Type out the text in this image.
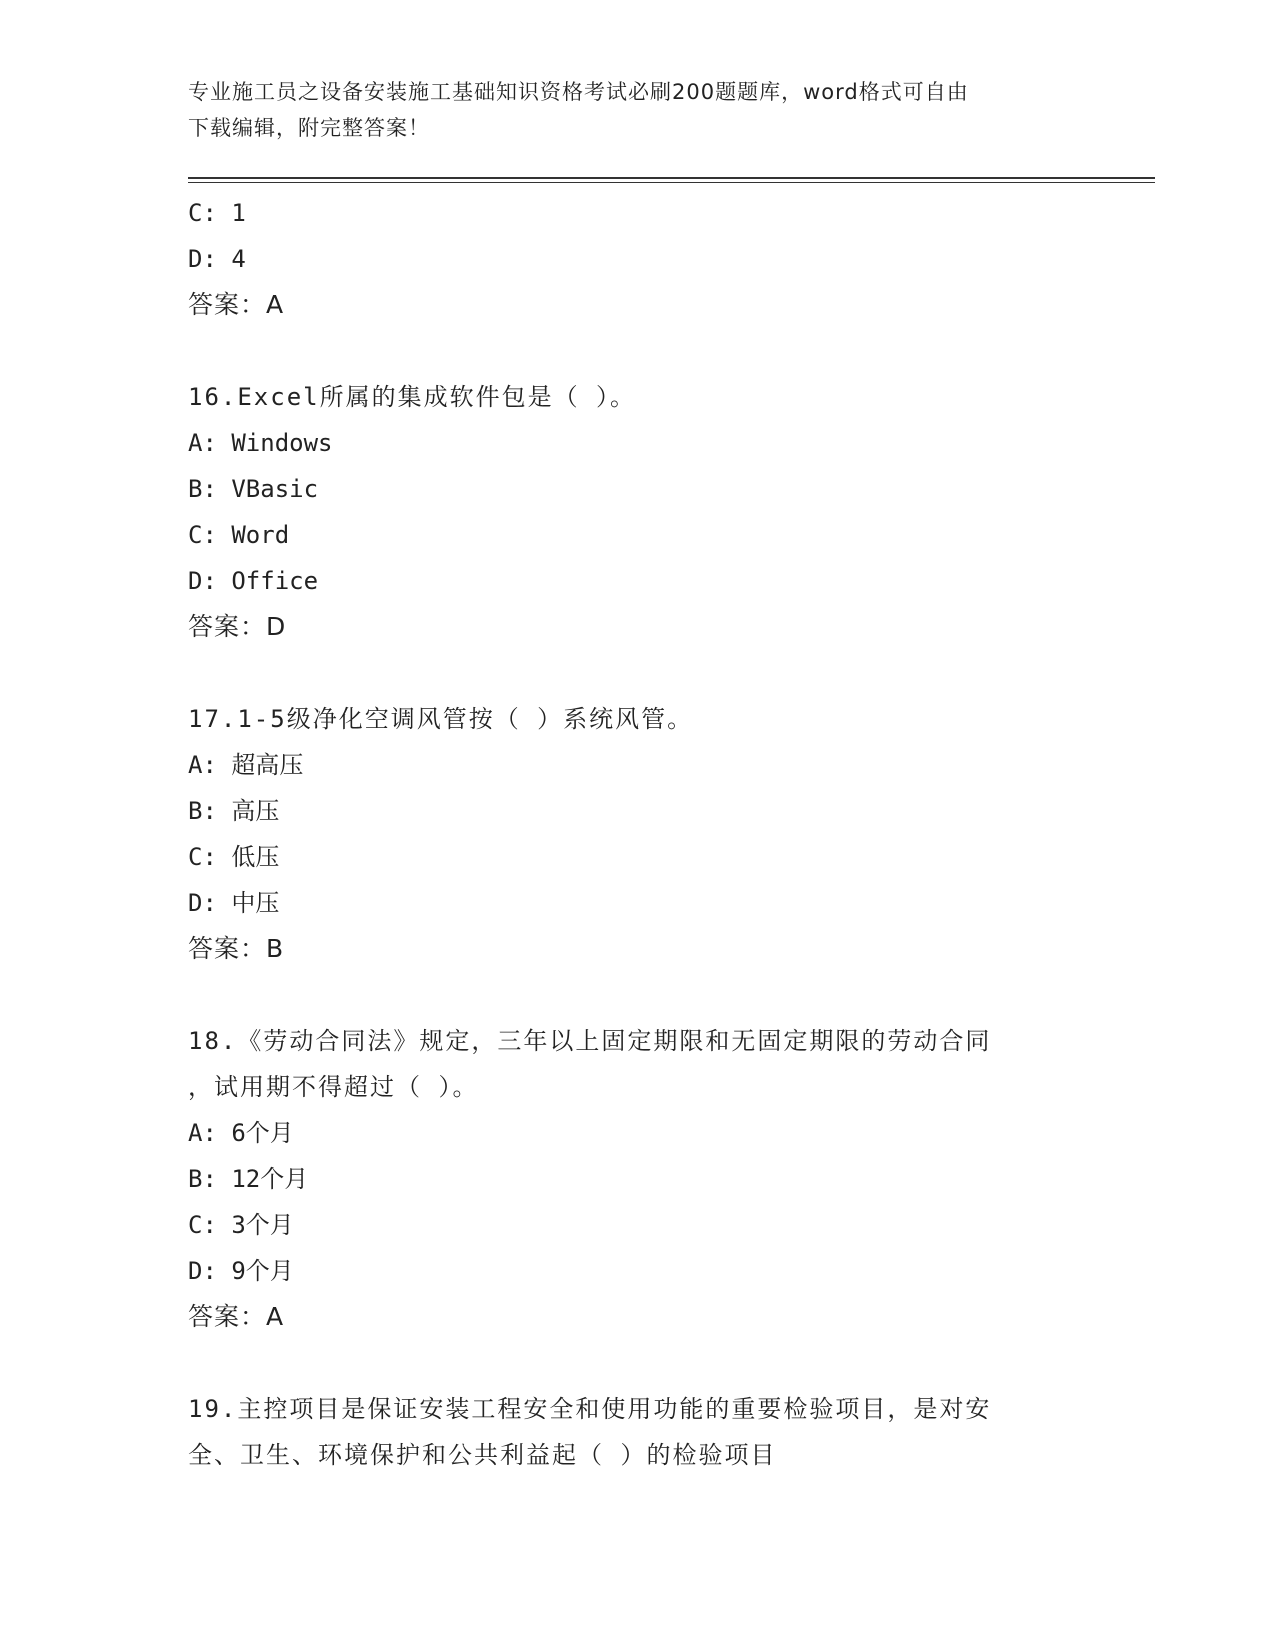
专业施工员之设备安装施工基础知识资格考试必刷200题题库，word格式可自由
下载编辑，附完整答案！
C: 1
D: 4
答案：A
16.Excel所属的集成软件包是（ ）。
A: Windows
B: VBasic
C: Word
D: Office
答案：D
17.1-5级净化空调风管按（ ）系统风管。
A: 超高压
B: 高压
C: 低压
D: 中压
答案：B
18.《劳动合同法》规定，三年以上固定期限和无固定期限的劳动合同
，试用期不得超过（ ）。
A: 6个月
B: 12个月
C: 3个月
D: 9个月
答案：A
19.主控项目是保证安装工程安全和使用功能的重要检验项目，是对安
全、卫生、环境保护和公共利益起（ ）的检验项目
